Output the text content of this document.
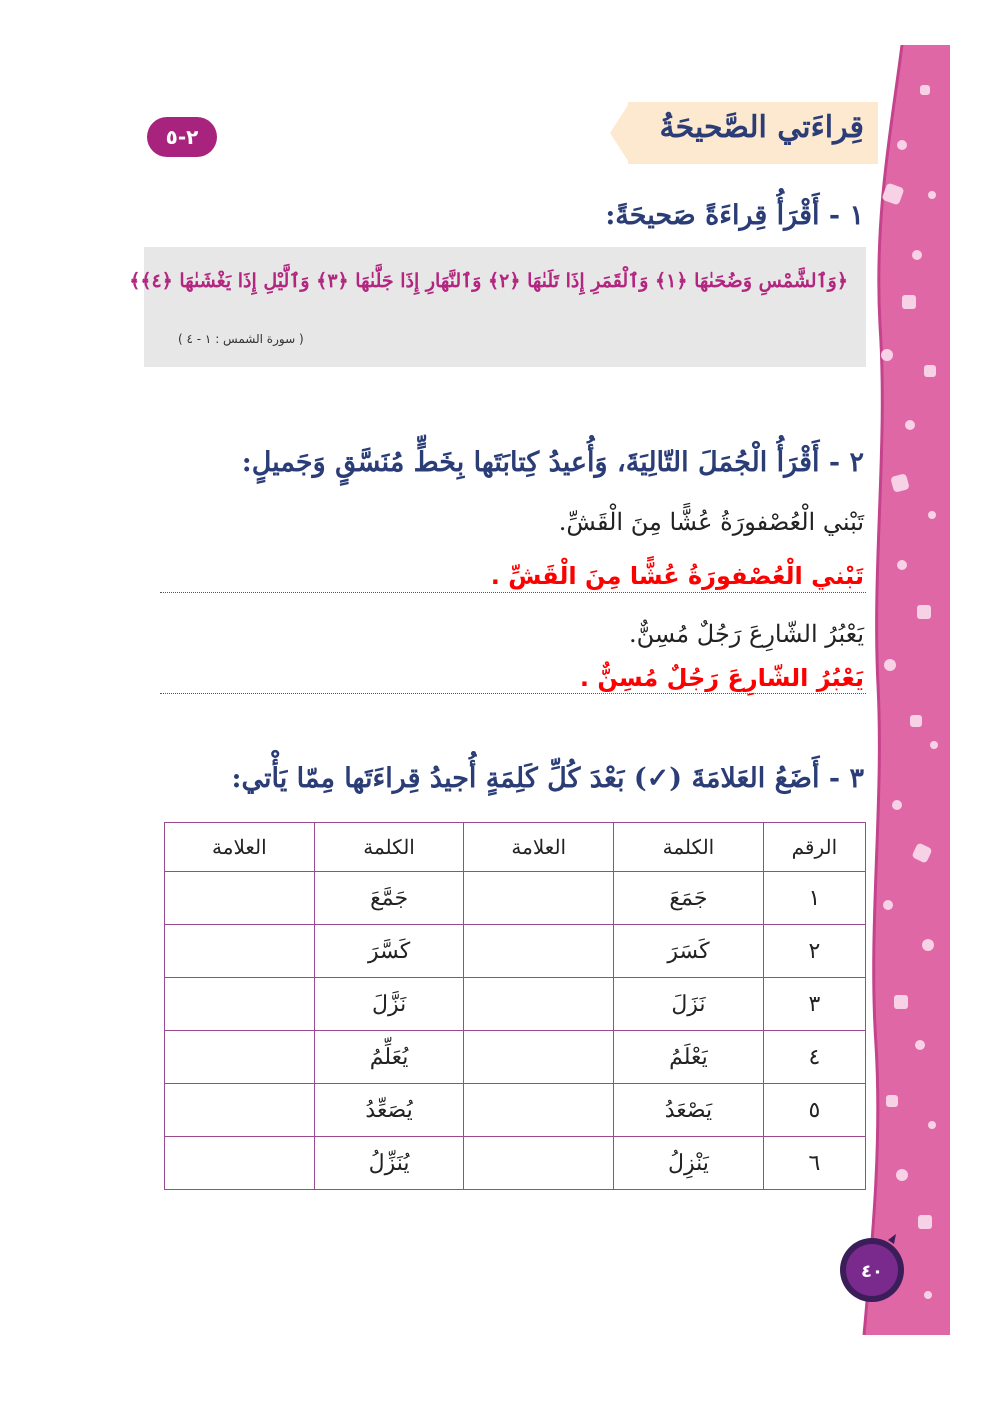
قِراءَتي الصَّحيحَةُ
٢-٥
١ - أَقْرَأُ قِراءَةً صَحيحَةً:
﴿وَٱلشَّمْسِ وَضُحَىٰهَا ﴿١﴾ وَٱلْقَمَرِ إِذَا تَلَىٰهَا ﴿٢﴾ وَٱلنَّهَارِ إِذَا جَلَّىٰهَا ﴿٣﴾ وَٱلَّيْلِ إِذَا يَغْشَىٰهَا ﴿٤﴾﴾
( سورة الشمس : ١ - ٤ )
٢ - أَقْرَأُ الْجُمَلَ التّالِيَةَ، وَأُعيدُ كِتابَتَها بِخَطٍّ مُنَسَّقٍ وَجَميلٍ:
تَبْني الْعُصْفورَةُ عُشًّا مِنَ الْقَشِّ.
تَبْني الْعُصْفورَةُ عُشًّا مِنَ الْقَشِّ .
يَعْبُرُ الشّارِعَ رَجُلٌ مُسِنٌّ.
يَعْبُرُ الشّارِعَ رَجُلٌ مُسِنٌّ .
٣ - أَضَعُ العَلامَةَ (✓) بَعْدَ كُلِّ كَلِمَةٍ أُجيدُ قِراءَتَها مِمّا يَأْتي:
الرقم	الكلمة	العلامة	الكلمة	العلامة
١	جَمَعَ		جَمَّعَ	
٢	كَسَرَ		كَسَّرَ	
٣	نَزَلَ		نَزَّلَ	
٤	يَعْلَمُ		يُعَلِّمُ	
٥	يَصْعَدُ		يُصَعِّدُ	
٦	يَنْزِلُ		يُنَزِّلُ	
٤٠
